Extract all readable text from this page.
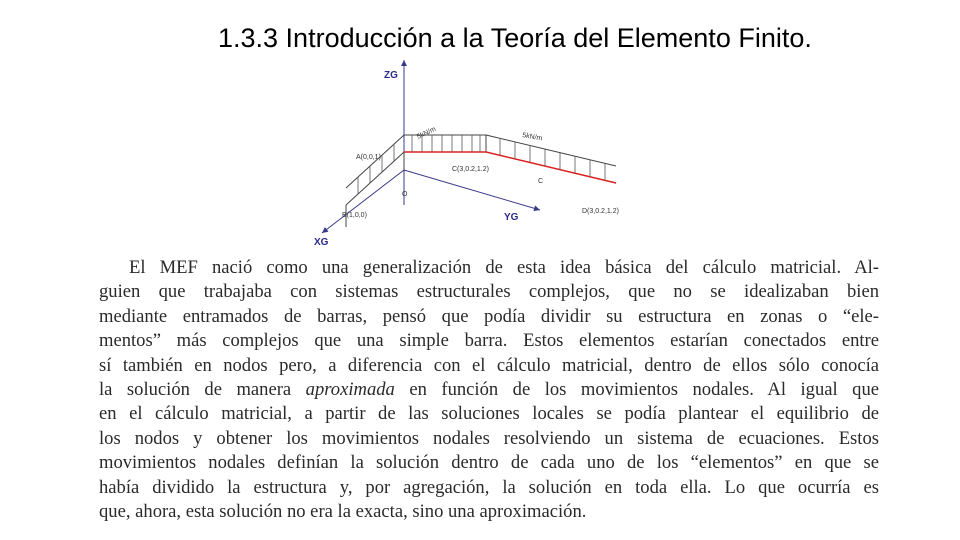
1.3.3 Introducción a la Teoría del Elemento Finito.
ZG
YG
XG
A(0,0,1)
B(1,0,0)
C(3,0.2,1.2)
D(3,0.2,1.2)
5kN/m	5kN/m
C
O
El MEF nació como una generalización de esta idea básica del cálculo matricial. Al-
guien que trabajaba con sistemas estructurales complejos, que no se idealizaban bien
mediante entramados de barras, pensó que podía dividir su estructura en zonas o “ele-
mentos” más complejos que una simple barra. Estos elementos estarían conectados entre
sí también en nodos pero, a diferencia con el cálculo matricial, dentro de ellos sólo conocía
la solución de manera aproximada en función de los movimientos nodales. Al igual que
en el cálculo matricial, a partir de las soluciones locales se podía plantear el equilibrio de
los nodos y obtener los movimientos nodales resolviendo un sistema de ecuaciones. Estos
movimientos nodales definían la solución dentro de cada uno de los “elementos” en que se
había dividido la estructura y, por agregación, la solución en toda ella. Lo que ocurría es
que, ahora, esta solución no era la exacta, sino una aproximación.
